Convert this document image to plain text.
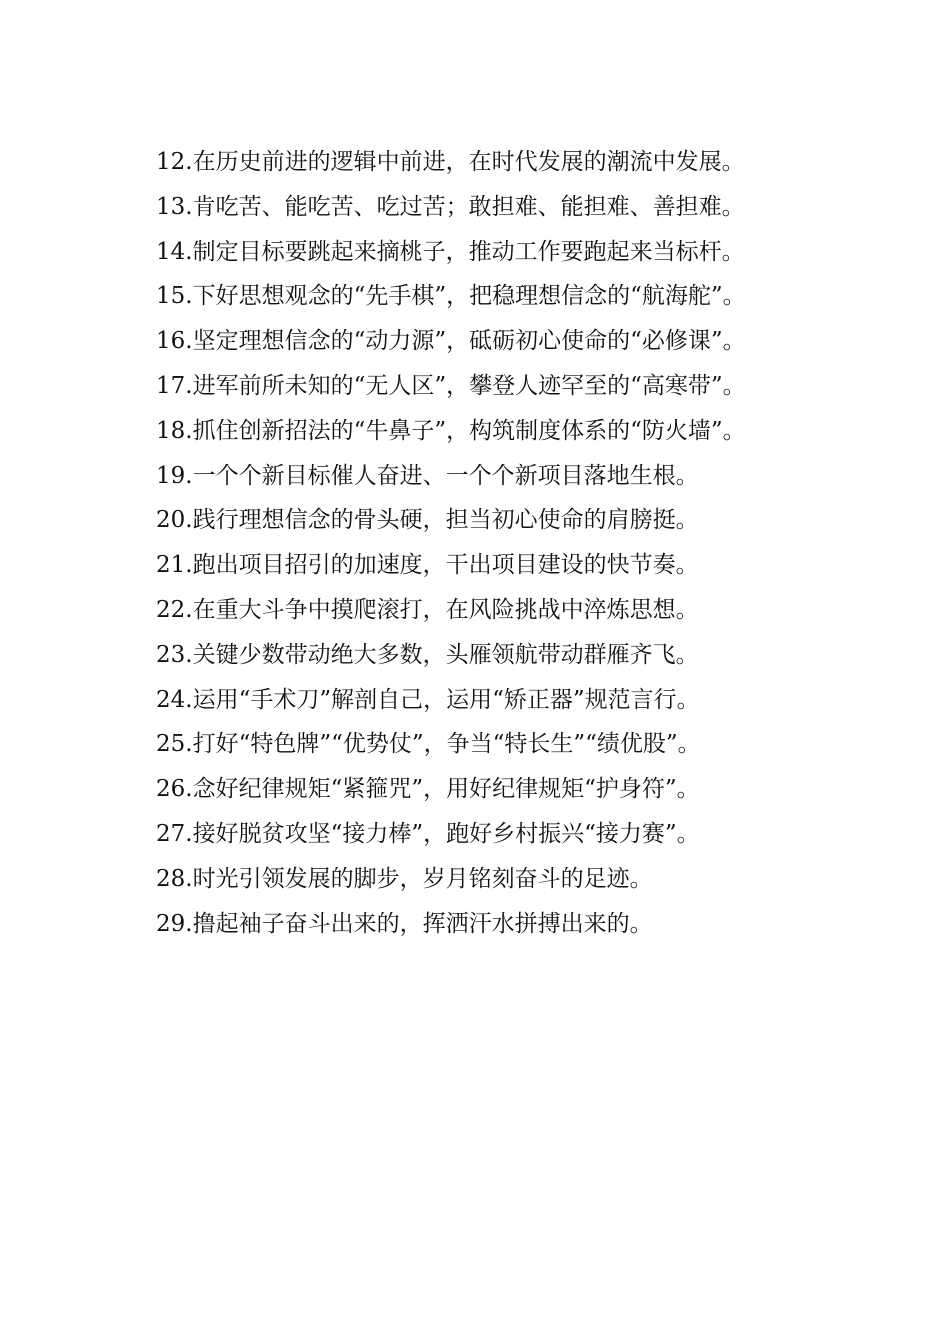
12.在历史前进的逻辑中前进，在时代发展的潮流中发展。

13.肯吃苦、能吃苦、吃过苦；敢担难、能担难、善担难。

14.制定目标要跳起来摘桃子，推动工作要跑起来当标杆。

15.下好思想观念的“先手棋”，把稳理想信念的“航海舵”。

16.坚定理想信念的“动力源”，砥砺初心使命的“必修课”。

17.进军前所未知的“无人区”，攀登人迹罕至的“高寒带”。

18.抓住创新招法的“牛鼻子”，构筑制度体系的“防火墙”。

19.一个个新目标催人奋进、一个个新项目落地生根。

20.践行理想信念的骨头硬，担当初心使命的肩膀挺。

21.跑出项目招引的加速度，干出项目建设的快节奏。

22.在重大斗争中摸爬滚打，在风险挑战中淬炼思想。

23.关键少数带动绝大多数，头雁领航带动群雁齐飞。

24.运用“手术刀”解剖自己，运用“矫正器”规范言行。

25.打好“特色牌”“优势仗”，争当“特长生”“绩优股”。

26.念好纪律规矩“紧箍咒”，用好纪律规矩“护身符”。

27.接好脱贫攻坚“接力棒”，跑好乡村振兴“接力赛”。

28.时光引领发展的脚步，岁月铭刻奋斗的足迹。

29.撸起袖子奋斗出来的，挥洒汗水拼搏出来的。
